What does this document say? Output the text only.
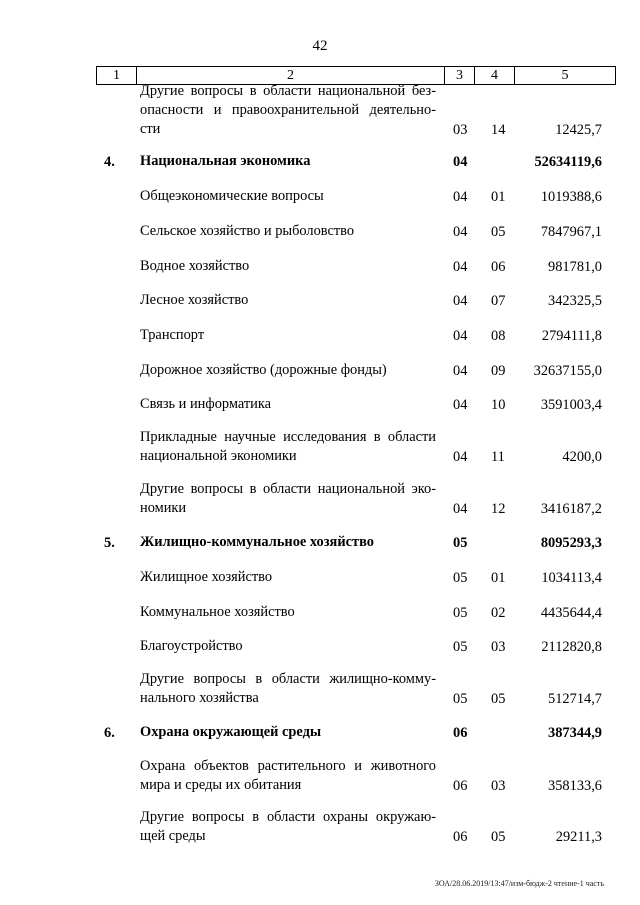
42
1	2	3	4	5
Другие вопросы в области национальной без-
опасности и правоохранительной деятельно-
сти	03 14	12425,7
4. Национальная экономика	04	52634119,6
Общеэкономические вопросы	04 01 1019388,6
Сельское хозяйство и рыболовство	04 05 7847967,1
Водное хозяйство	04 06	981781,0
Лесное хозяйство	04 07	342325,5
Транспорт	04 08	2794111,8
Дорожное хозяйство (дорожные фонды)	04 09 32637155,0
Связь и информатика	04 10 3591003,4
Прикладные научные исследования в области
национальной экономики	04 11	4200,0
Другие вопросы в области национальной эко-
номики	04 12 3416187,2
5. Жилищно-коммунальное хозяйство	05	8095293,3
Жилищное хозяйство	05 01 1034113,4
Коммунальное хозяйство	05 02 4435644,4
Благоустройство	05 03 2112820,8
Другие вопросы в области жилищно-комму-
нального хозяйства	05 05	512714,7
6. Охрана окружающей среды	06	387344,9
Охрана объектов растительного и животного
мира и среды их обитания	06 03	358133,6
Другие вопросы в области охраны окружаю-
щей среды	06 05	29211,3
ЗОА/28.06.2019/13:47/изм-бюдж-2 чтение-1 часть
